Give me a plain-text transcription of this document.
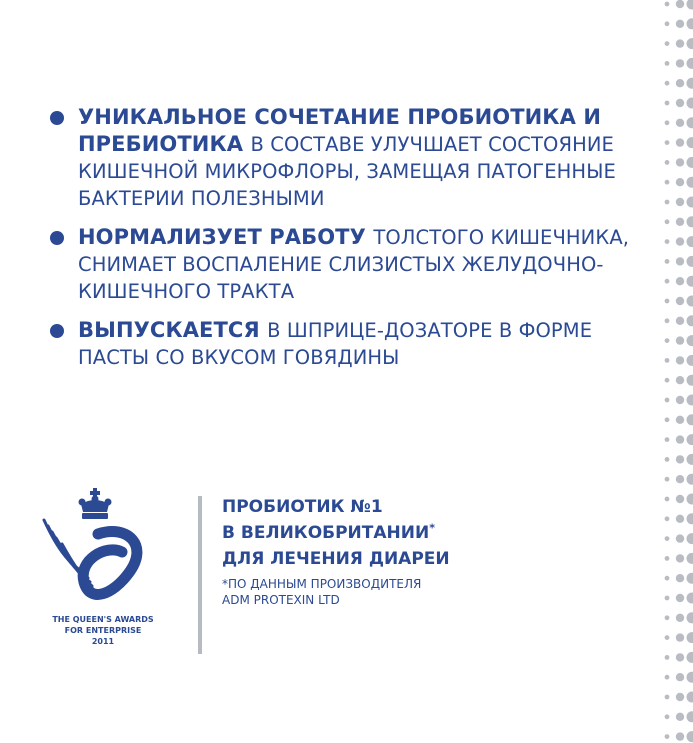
УНИКАЛЬНОЕ СОЧЕТАНИЕ ПРОБИОТИКА И ПРЕБИОТИКА В СОСТАВЕ УЛУЧШАЕТ СОСТОЯНИЕ КИШЕЧНОЙ МИКРОФЛОРЫ, ЗАМЕЩАЯ ПАТОГЕННЫЕ БАКТЕРИИ ПОЛЕЗНЫМИ
НОРМАЛИЗУЕТ РАБОТУ ТОЛСТОГО КИШЕЧНИКА, СНИМАЕТ ВОСПАЛЕНИЕ СЛИЗИСТЫХ ЖЕЛУДОЧНО-КИШЕЧНОГО ТРАКТА
ВЫПУСКАЕТСЯ В ШПРИЦЕ-ДОЗАТОРЕ В ФОРМЕ ПАСТЫ СО ВКУСОМ ГОВЯДИНЫ
THE QUEEN'S AWARDS
FOR ENTERPRISE
2011
ПРОБИОТИК №1
В ВЕЛИКОБРИТАНИИ*
ДЛЯ ЛЕЧЕНИЯ ДИАРЕИ
*ПО ДАННЫМ ПРОИЗВОДИТЕЛЯ
ADM PROTEXIN LTD
